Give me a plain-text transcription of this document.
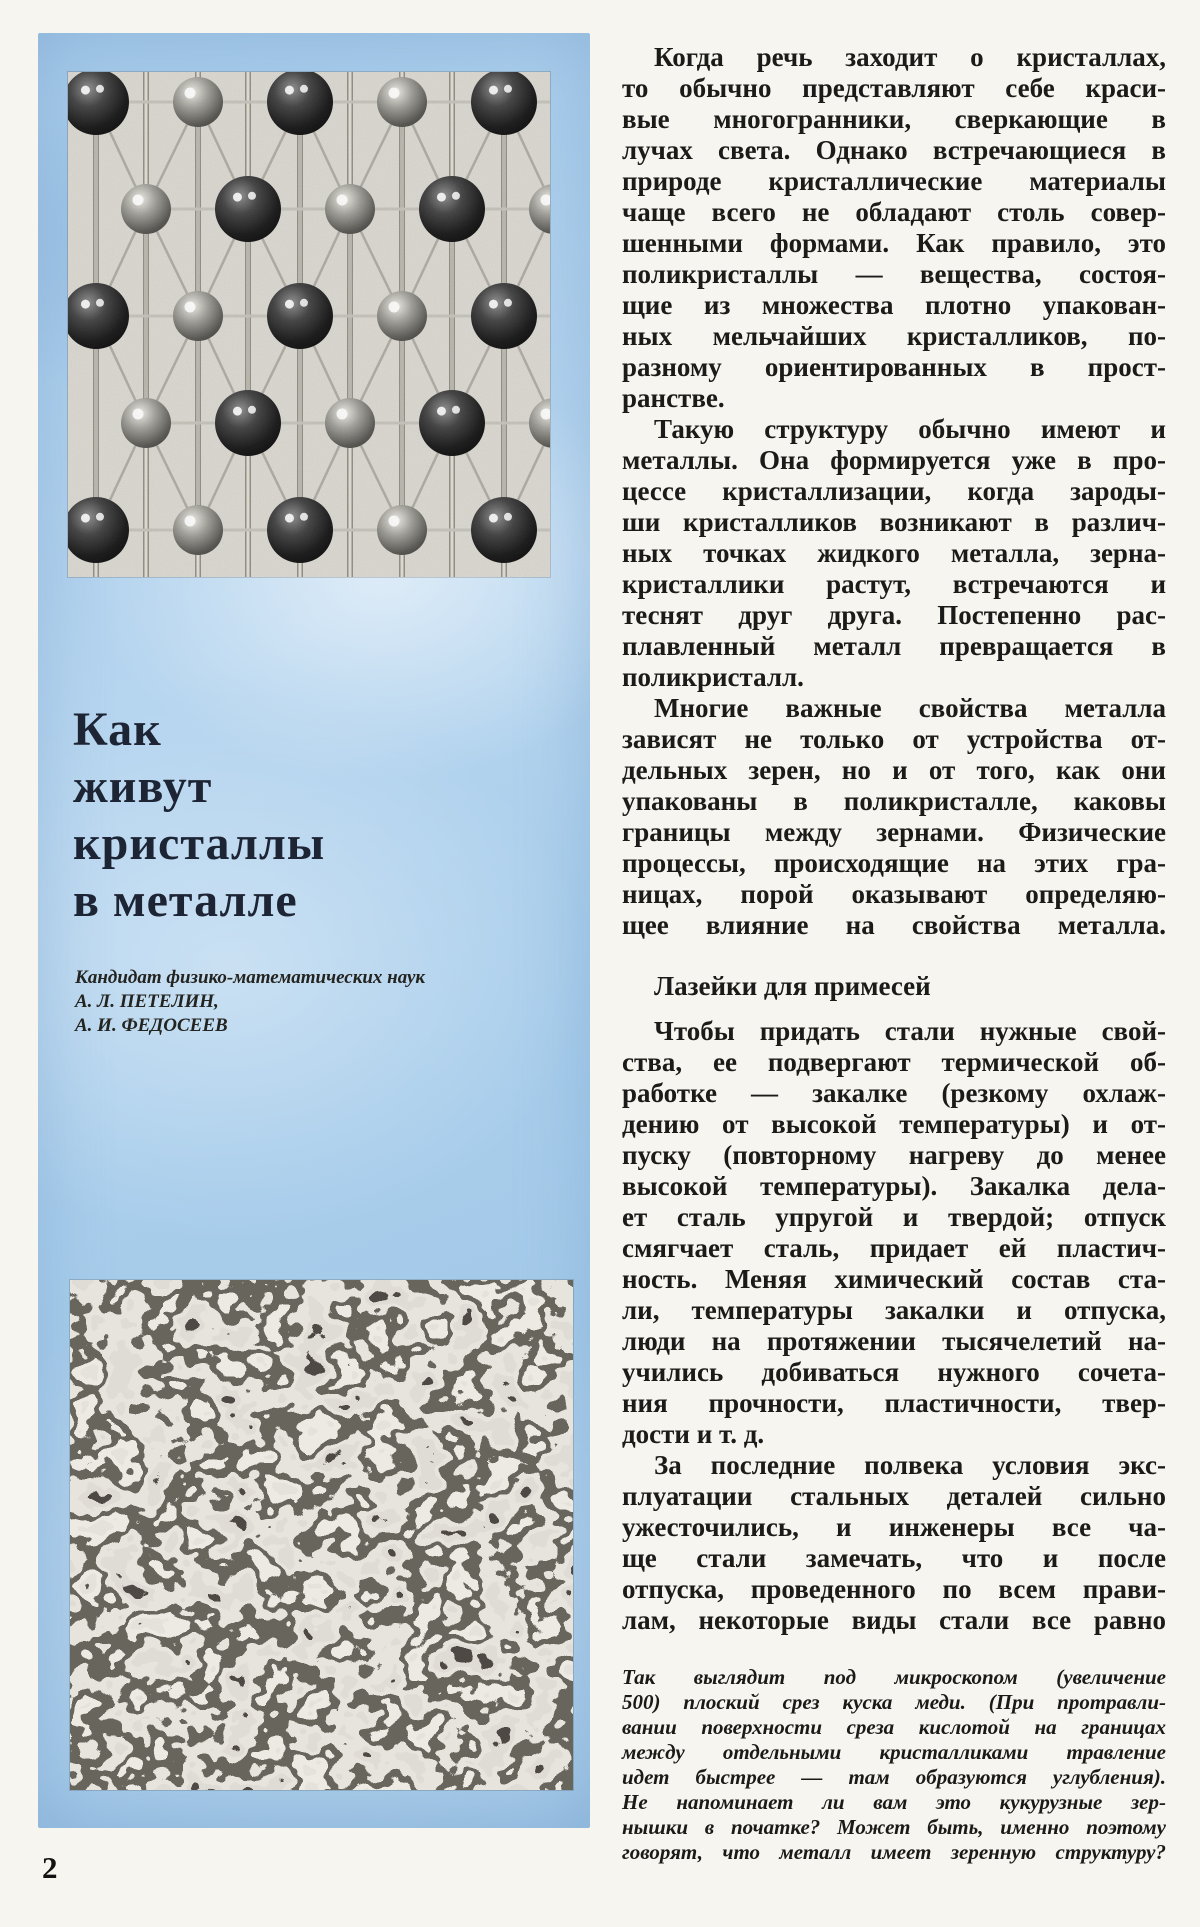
Как
живут
кристаллы
в металле
Кандидат физико-математических наук
А. Л. ПЕТЕЛИН,
А. И. ФЕДОСЕЕВ
Когда речь заходит о кристаллах,
то обычно представляют себе краси-
вые многогранники, сверкающие в
лучах света. Однако встречающиеся в
природе кристаллические материалы
чаще всего не обладают столь совер-
шенными формами. Как правило, это
поликристаллы — вещества, состоя-
щие из множества плотно упакован-
ных мельчайших кристалликов, по-
разному ориентированных в прост-
ранстве.
Такую структуру обычно имеют и
металлы. Она формируется уже в про-
цессе кристаллизации, когда зароды-
ши кристалликов возникают в различ-
ных точках жидкого металла, зерна-
кристаллики растут, встречаются и
теснят друг друга. Постепенно рас-
плавленный металл превращается в
поликристалл.
Многие важные свойства металла
зависят не только от устройства от-
дельных зерен, но и от того, как они
упакованы в поликристалле, каковы
границы между зернами. Физические
процессы, происходящие на этих гра-
ницах, порой оказывают определяю-
щее влияние на свойства металла.
Лазейки для примесей
Чтобы придать стали нужные свой-
ства, ее подвергают термической об-
работке — закалке (резкому охлаж-
дению от высокой температуры) и от-
пуску (повторному нагреву до менее
высокой температуры). Закалка дела-
ет сталь упругой и твердой; отпуск
смягчает сталь, придает ей пластич-
ность. Меняя химический состав ста-
ли, температуры закалки и отпуска,
люди на протяжении тысячелетий на-
учились добиваться нужного сочета-
ния прочности, пластичности, твер-
дости и т. д.
За последние полвека условия экс-
плуатации стальных деталей сильно
ужесточились, и инженеры все ча-
ще стали замечать, что и после
отпуска, проведенного по всем прави-
лам, некоторые виды стали все равно
Так выглядит под микроскопом (увеличение
500) плоский срез куска меди. (При протравли-
вании поверхности среза кислотой на границах
между отдельными кристалликами травление
идет быстрее — там образуются углубления).
Не напоминает ли вам это кукурузные зер-
нышки в початке? Может быть, именно поэтому
говорят, что металл имеет зеренную структуру?
2
